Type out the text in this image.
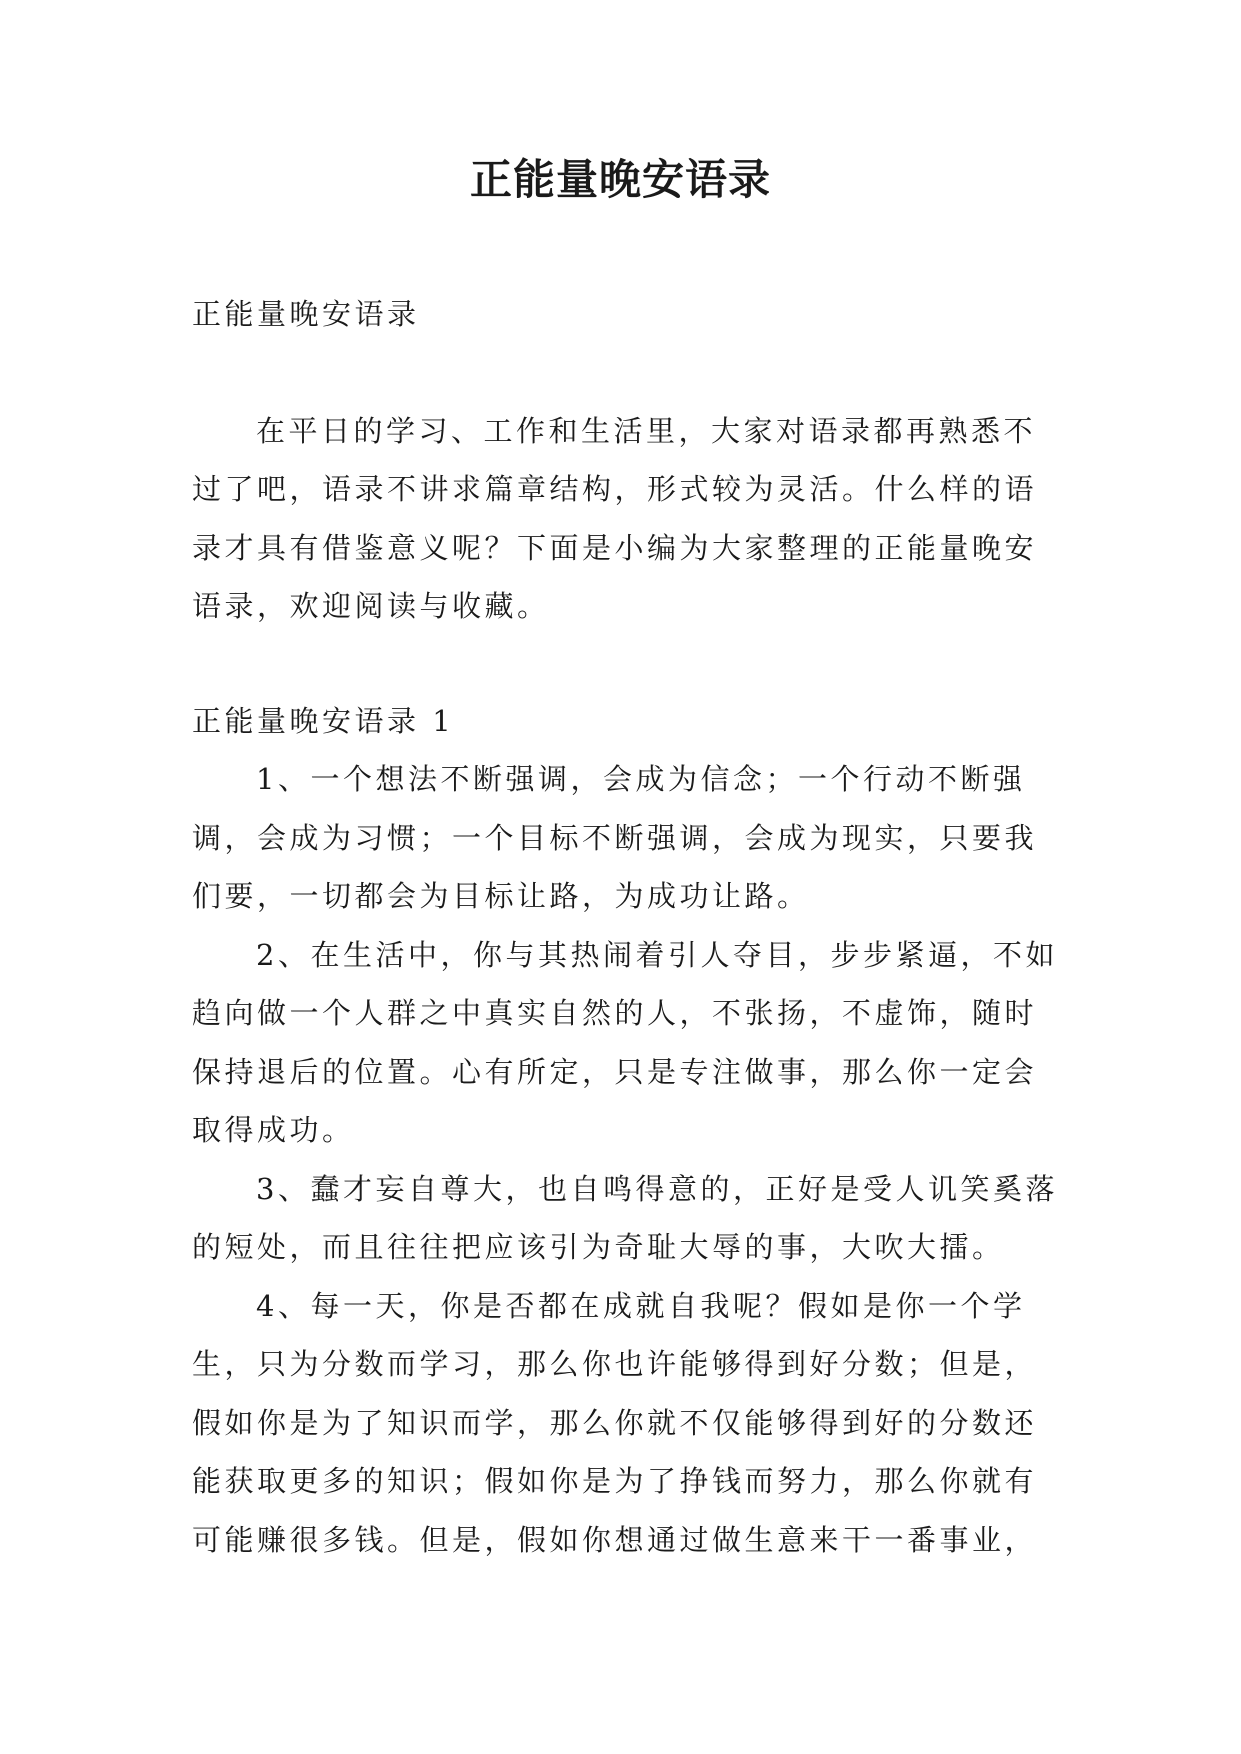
正能量晚安语录

正能量晚安语录

在平日的学习、工作和生活里，大家对语录都再熟悉不过了吧，语录不讲求篇章结构，形式较为灵活。什么样的语录才具有借鉴意义呢？下面是小编为大家整理的正能量晚安语录，欢迎阅读与收藏。

正能量晚安语录 1

1、一个想法不断强调，会成为信念；一个行动不断强调，会成为习惯；一个目标不断强调，会成为现实，只要我们要，一切都会为目标让路，为成功让路。

2、在生活中，你与其热闹着引人夺目，步步紧逼，不如趋向做一个人群之中真实自然的人，不张扬，不虚饰，随时保持退后的位置。心有所定，只是专注做事，那么你一定会取得成功。

3、蠢才妄自尊大，也自鸣得意的，正好是受人讥笑奚落的短处，而且往往把应该引为奇耻大辱的事，大吹大擂。

4、每一天，你是否都在成就自我呢？假如是你一个学生，只为分数而学习，那么你也许能够得到好分数；但是，假如你是为了知识而学，那么你就不仅能够得到好的分数还能获取更多的知识；假如你是为了挣钱而努力，那么你就有可能赚很多钱。但是，假如你想通过做生意来干一番事业，
